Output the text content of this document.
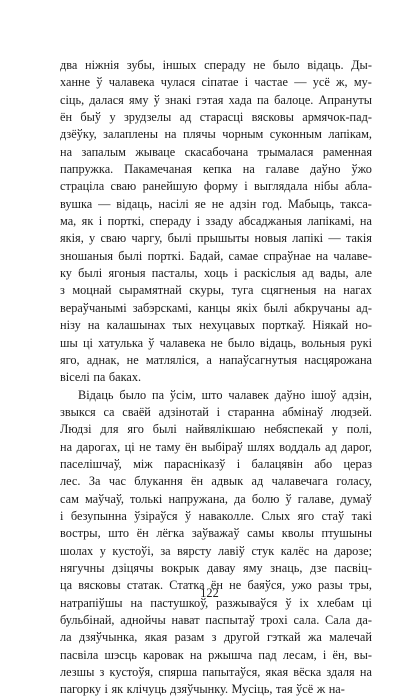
два ніжнія зубы, іншых спераду не было відаць. Ды-
ханне ў чалавека чулася сіпатае і частае — усё ж, му-
сіць, далася яму ў знакі гэтая хада па балоце. Апрануты
ён быў у зрудзелы ад старасці вясковы армячок-пад-
дзёўку, залаплены на плячы чорным суконным лапікам,
на запалым жываце скасабочана трымалася раменная
папружка. Пакамечаная кепка на галаве даўно ўжо
страціла сваю ранейшую форму і выглядала нібы абла-
вушка — відаць, насілі яе не адзін год. Мабыць, такса-
ма, як і порткі, спераду і ззаду абсаджаныя лапікамі, на
якія, у сваю чаргу, былі прышыты новыя лапікі — такія
зношаныя былі порткі. Бадай, самае спраўнае на чалаве-
ку былі ягоныя пасталы, хоць і раскіслыя ад вады, але
з моцнай сырамятнай скуры, туга сцягненыя на нагах
вераўчанымі забэрскамі, канцы якіх былі абкручаны ад-
нізу на калашынах тых нехуцавых порткаў. Ніякай но-
шы ці хатулька ў чалавека не было відаць, вольныя рукі
яго, аднак, не матляліся, а напаўсагнутыя насцярожана
віселі па баках.
Відаць было па ўсім, што чалавек даўно ішоў адзін,
звыкся са сваёй адзінотай і старанна абмінаў людзей.
Людзі для яго былі найвялікшаю небяспекай у полі,
на дарогах, ці не таму ён выбіраў шлях воддаль ад дарог,
паселішчаў, між парасніказў і балацявін або цераз
лес. За час блукання ён адвык ад чалавечага голасу,
сам маўчаў, толькі напружана, да болю ў галаве, думаў
і безупынна ўзіраўся ў наваколле. Слых яго стаў такі
востры, што ён лёгка заўважаў самы кволы птушыны
шолах у кустоўі, за вярсту лавіў стук калёс на дарозе;
нягучны дзіцячы вокрык давау яму знаць, дзе пасвіц-
ца вясковы статак. Статка ён не баяўся, ужо разы тры,
натрапіўшы на пастушкоў, разжываўся ў іх хлебам ці
бульбінай, аднойчы нават паспытаў трохі сала. Сала да-
ла дзяўчынка, якая разам з другой гэткай жа малечай
пасвіла шэсць каровак на ржышча пад лесам, і ён, вы-
лезшы з кустоўя, спярша папытаўся, якая вёска здаля на
пагорку і як клічуць дзяўчынку. Мусіць, тая ўсё ж на-
122
